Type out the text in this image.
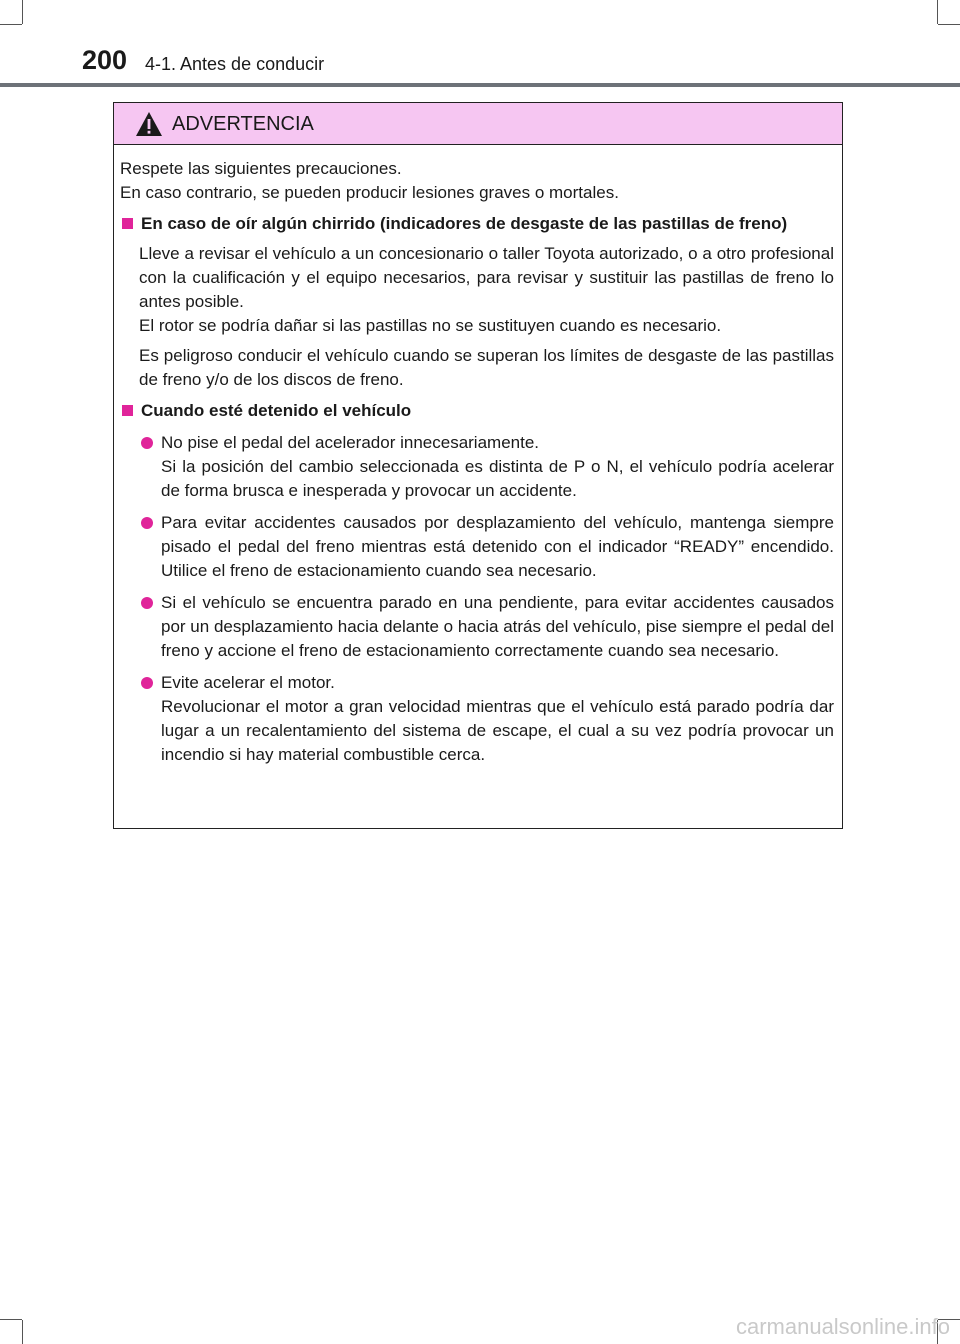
200 4-1. Antes de conducir
ADVERTENCIA

Respete las siguientes precauciones.

En caso contrario, se pueden producir lesiones graves o mortales.

En caso de oír algún chirrido (indicadores de desgaste de las pastillas de freno)

Lleve a revisar el vehículo a un concesionario o taller Toyota autorizado, o a otro profesional con la cualificación y el equipo necesarios, para revisar y sustituir las pastillas de freno lo antes posible.

El rotor se podría dañar si las pastillas no se sustituyen cuando es necesario.

Es peligroso conducir el vehículo cuando se superan los límites de desgaste de las pastillas de freno y/o de los discos de freno.

Cuando esté detenido el vehículo

No pise el pedal del acelerador innecesariamente.

Si la posición del cambio seleccionada es distinta de P o N, el vehículo podría acelerar de forma brusca e inesperada y provocar un accidente.

Para evitar accidentes causados por desplazamiento del vehículo, mantenga siempre pisado el pedal del freno mientras está detenido con el indicador “READY” encendido. Utilice el freno de estacionamiento cuando sea necesario.

Si el vehículo se encuentra parado en una pendiente, para evitar accidentes causados por un desplazamiento hacia delante o hacia atrás del vehículo, pise siempre el pedal del freno y accione el freno de estacionamiento correctamente cuando sea necesario.

Evite acelerar el motor.

Revolucionar el motor a gran velocidad mientras que el vehículo está parado podría dar lugar a un recalentamiento del sistema de escape, el cual a su vez podría provocar un incendio si hay material combustible cerca.

carmanualsonline.info
